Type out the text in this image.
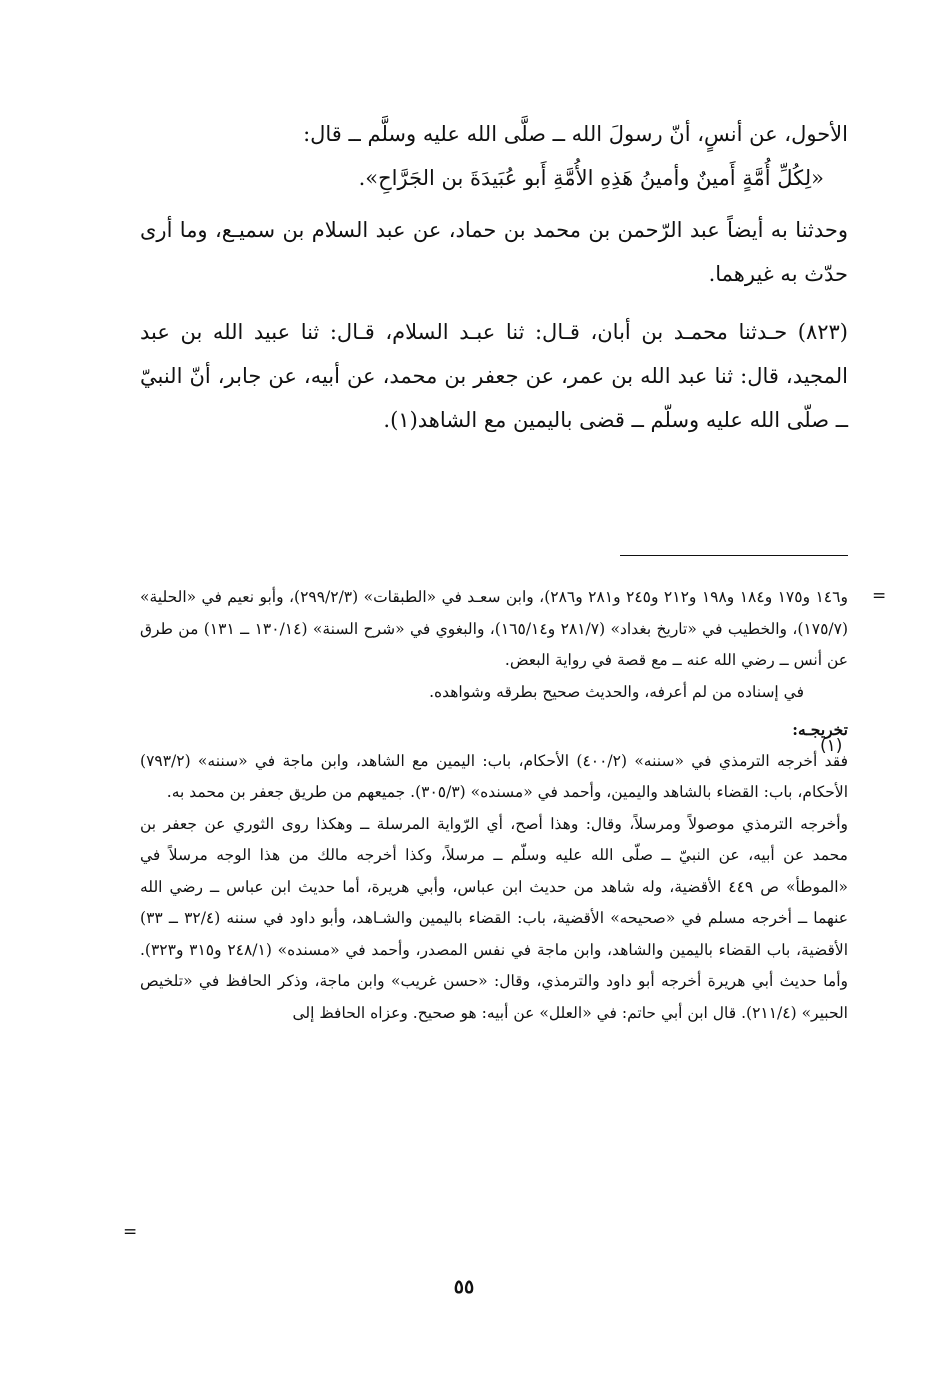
الأحول، عن أنسٍ، أنّ رسولَ الله ــ صلَّى الله عليه وسلَّم ــ قال:

«لِكُلِّ أُمَّةٍ أَمينٌ وأمينُ هَذِهِ الأُمَّةِ أَبو عُبَيدَةَ بن الجَرَّاحِ».

وحدثنا به أيضاً عبد الرّحمن بن محمد بن حماد، عن عبد السلام بن سميـع، وما أرى حدّث به غيرهما.

(٨٢٣) حـدثنا محمـد بن أبان، قـال: ثنا عبـد السلام، قـال: ثنا عبيد الله بن عبد المجيد، قال: ثنا عبد الله بن عمر، عن جعفر بن محمد، عن أبيه، عن جابر، أنّ النبيّ ــ صلّى الله عليه وسلّم ــ قضى باليمين مع الشاهد(١).

=

و١٤٦ و١٧٥ و١٨٤ و١٩٨ و٢١٢ و٢٤٥ و٢٨١ و٢٨٦)، وابن سعـد في «الطبقات» (٢٩٩/٢/٣)، وأبو نعيم في «الحلية» (١٧٥/٧)، والخطيب في «تاريخ بغداد» (٢٨١/٧ و١٦٥/١٤)، والبغوي في «شرح السنة» (١٣٠/١٤ ــ ١٣١) من طرق عن أنس ــ رضي الله عنه ــ مع قصة في رواية البعض.

في إسناده من لم أعرفه، والحديث صحيح بطرقه وشواهده.

تخريجـه:

فقد أخرجه الترمذي في «سننه» (٤٠٠/٢) الأحكام، باب: اليمين مع الشاهد، وابن ماجة في «سننه» (٧٩٣/٢) الأحكام، باب: القضاء بالشاهد واليمين، وأحمد في «مسنده» (٣٠٥/٣). جميعهم من طريق جعفر بن محمد به.

وأخرجه الترمذي موصولاً ومرسلاً، وقال: وهذا أصح، أي الرّواية المرسلة ــ وهكذا روى الثوري عن جعفر بن محمد عن أبيه، عن النبيّ ــ صلّى الله عليه وسلّم ــ مرسلاً، وكذا أخرجه مالك من هذا الوجه مرسلاً في «الموطأ» ص ٤٤٩ الأقضية، وله شاهد من حديث ابن عباس، وأبي هريرة، أما حديث ابن عباس ــ رضي الله عنهما ــ أخرجه مسلم في «صحيحه» الأقضية، باب: القضاء باليمين والشـاهد، وأبو داود في سننه (٣٢/٤ ــ ٣٣) الأقضية، باب القضاء باليمين والشاهد، وابن ماجة في نفس المصدر، وأحمد في «مسنده» (٢٤٨/١ و٣١٥ و٣٢٣). وأما حديث أبي هريرة أخرجه أبو داود والترمذي، وقال: «حسن غريب» وابن ماجة، وذكر الحافظ في «تلخيص الحبير» (٢١١/٤). قال ابن أبي حاتم: في «العلل» عن أبيه: هو صحيح. وعزاه الحافظ إلى

(١)
=
٥٥
